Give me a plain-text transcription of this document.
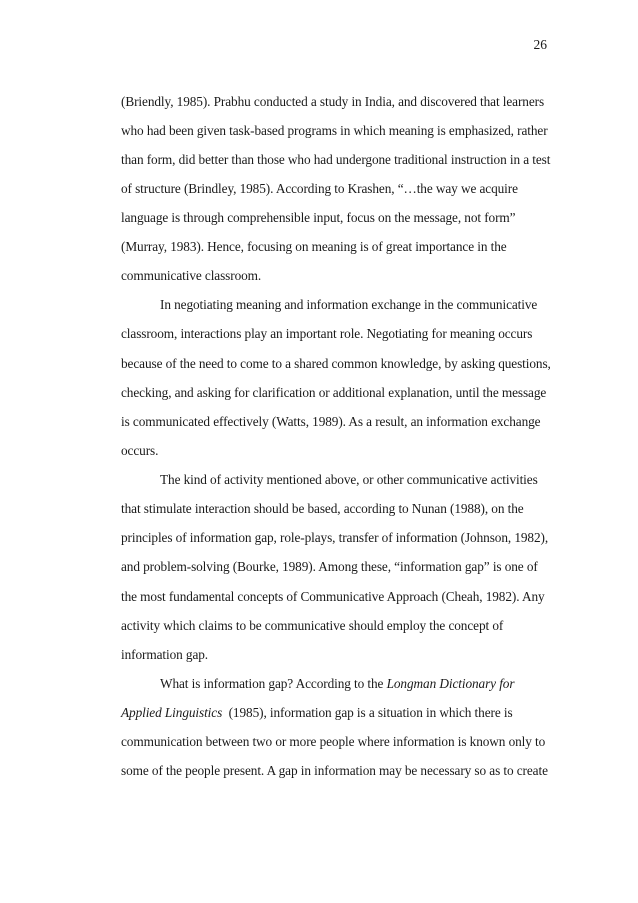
26
(Briendly, 1985). Prabhu conducted a study in India, and discovered that learners
who had been given task-based programs in which meaning is emphasized, rather
than form, did better than those who had undergone traditional instruction in a test
of structure (Brindley, 1985). According to Krashen, “…the way we acquire
language is through comprehensible input, focus on the message, not form”
(Murray, 1983). Hence, focusing on meaning is of great importance in the
communicative classroom.
In negotiating meaning and information exchange in the communicative
classroom, interactions play an important role. Negotiating for meaning occurs
because of the need to come to a shared common knowledge, by asking questions,
checking, and asking for clarification or additional explanation, until the message
is communicated effectively (Watts, 1989). As a result, an information exchange
occurs.
The kind of activity mentioned above, or other communicative activities
that stimulate interaction should be based, according to Nunan (1988), on the
principles of information gap, role-plays, transfer of information (Johnson, 1982),
and problem-solving (Bourke, 1989). Among these, “information gap” is one of
the most fundamental concepts of Communicative Approach (Cheah, 1982). Any
activity which claims to be communicative should employ the concept of
information gap.
What is information gap? According to the Longman Dictionary for
Applied Linguistics  (1985), information gap is a situation in which there is
communication between two or more people where information is known only to
some of the people present. A gap in information may be necessary so as to create
